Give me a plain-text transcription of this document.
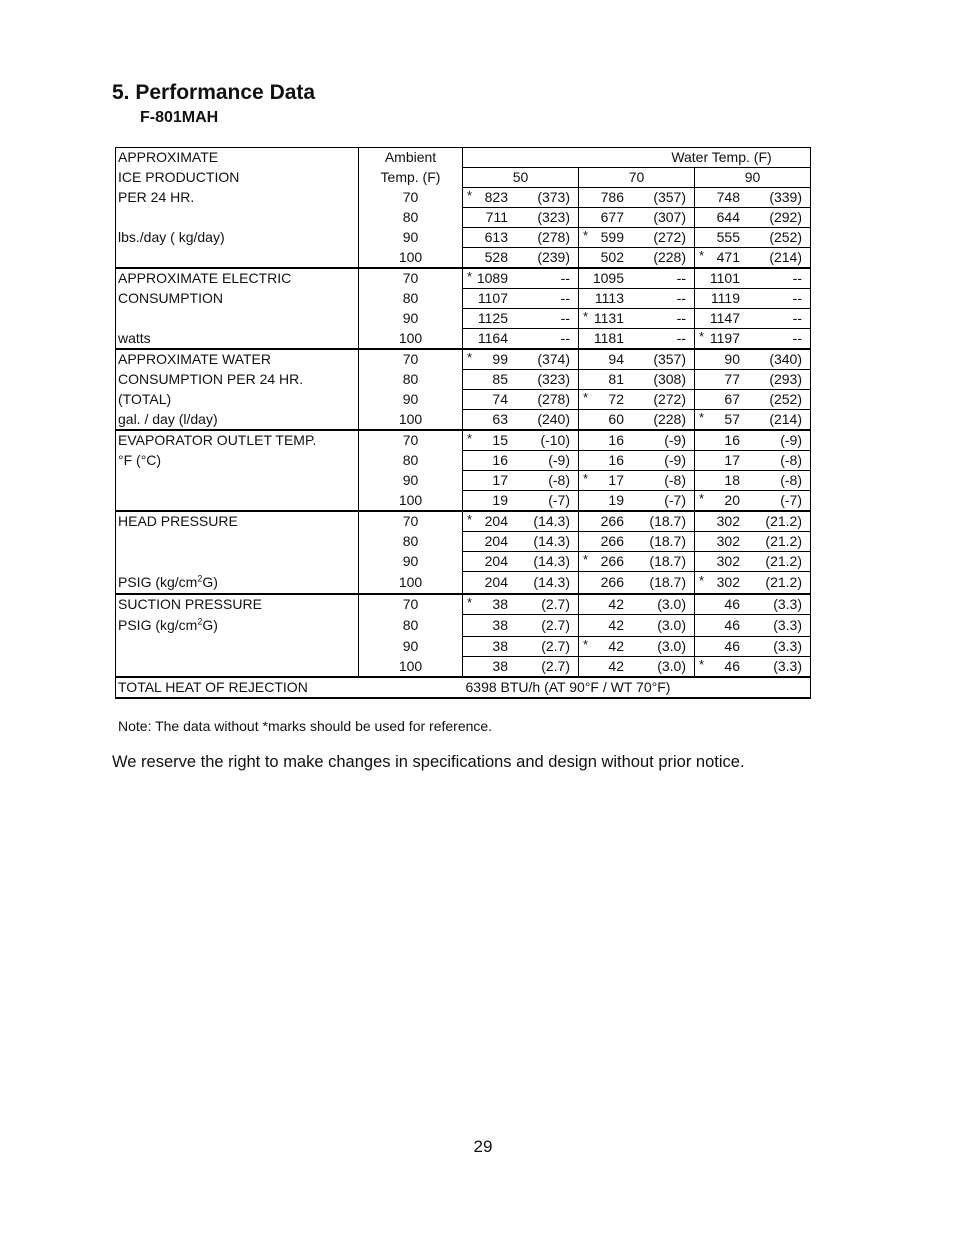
5. Performance Data
F-801MAH
APPROXIMATE	Ambient	Water Temp. (F)		
ICE PRODUCTION	Temp. (F)	50	70	90
PER 24 HR.	70	* 823 (373)	786 (357)	748 (339)

	80	711 (323)	677 (307)	644 (292)

lbs./day ( kg/day)	90	613 (278)	* 599 (272)	555 (252)

	100	528 (239)	502 (228)	* 471 (214)

APPROXIMATE ELECTRIC	70	* 1089 --	1095 --	1101 --

CONSUMPTION	80	1107 --	1113 --	1119 --

	90	1125 --	* 1131 --	1147 --

watts	100	1164 --	1181 --	* 1197 --

APPROXIMATE WATER	70	* 99 (374)	94 (357)	90 (340)

CONSUMPTION PER 24 HR.	80	85 (323)	81 (308)	77 (293)

(TOTAL)	90	74 (278)	* 72 (272)	67 (252)

gal. / day (l/day)	100	63 (240)	60 (228)	* 57 (214)

EVAPORATOR OUTLET TEMP.	70	* 15 (-10)	16 (-9)	16 (-9)

°F (°C)	80	16 (-9)	16 (-9)	17 (-8)

	90	17 (-8)	* 17 (-8)	18 (-8)

	100	19 (-7)	19 (-7)	* 20 (-7)

HEAD PRESSURE	70	* 204 (14.3)	266 (18.7)	302 (21.2)

	80	204 (14.3)	266 (18.7)	302 (21.2)

	90	204 (14.3)	* 266 (18.7)	302 (21.2)

PSIG $(kg/cm^2G)$	100	204 (14.3)	266 (18.7)	* 302 (21.2)

SUCTION PRESSURE	70	* 38 (2.7)	42 (3.0)	46 (3.3)

PSIG $(kg/cm^2G)$	80	38 (2.7)	42 (3.0)	46 (3.3)

	90	38 (2.7)	* 42 (3.0)	46 (3.3)

	100	38 (2.7)	42 (3.0)	* 46 (3.3)

TOTAL HEAT OF REJECTION	6398 BTU/h (AT 90°F / WT 70°F)			

Note: The data without *marks should be used for reference.

We reserve the right to make changes in specifications and design without prior notice.

29
